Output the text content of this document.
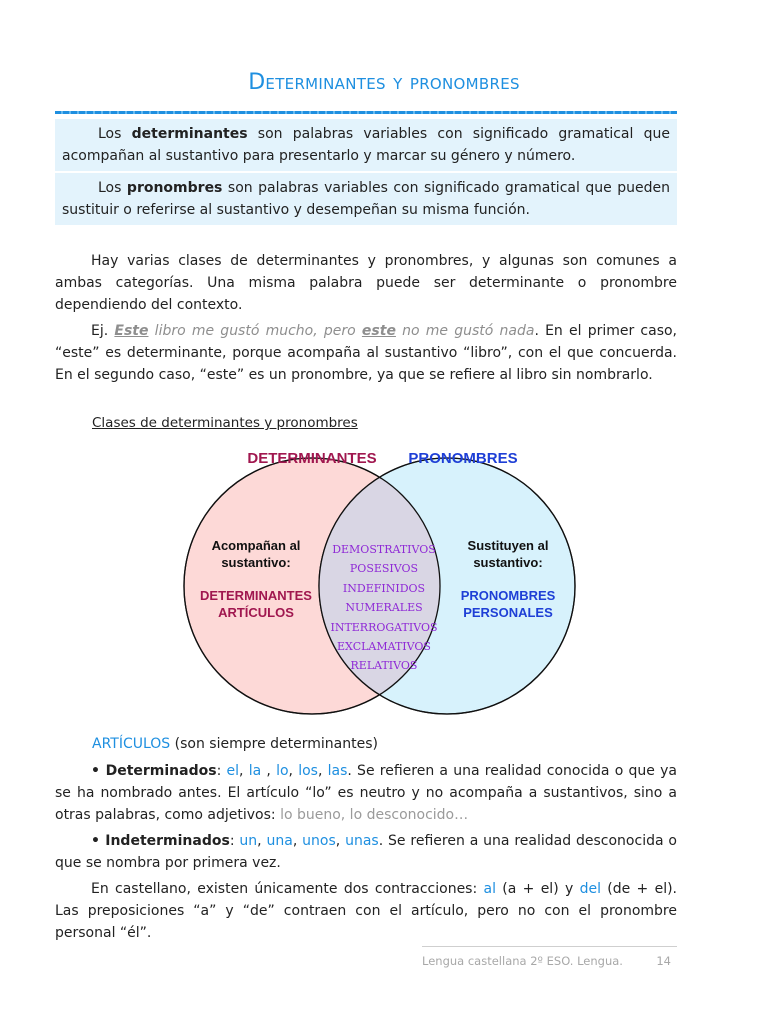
Determinantes y pronombres
Los determinantes son palabras variables con significado gramatical que acompañan al sustantivo para presentarlo y marcar su género y número.
Los pronombres son palabras variables con significado gramatical que pueden sustituir o referirse al sustantivo y desempeñan su misma función.
Hay varias clases de determinantes y pronombres, y algunas son comunes a ambas categorías. Una misma palabra puede ser determinante o pronombre dependiendo del contexto.
Ej. Este libro me gustó mucho, pero este no me gustó nada. En el primer caso, “este” es determinante, porque acompaña al sustantivo “libro”, con el que concuerda. En el segundo caso, “este” es un pronombre, ya que se refiere al libro sin nombrarlo.
Clases de determinantes y pronombres
DETERMINANTES PRONOMBRES
Acompañan al
sustantivo:
DETERMINANTES
ARTÍCULOS
Sustituyen al
sustantivo:
PRONOMBRES
PERSONALES
DEMOSTRATIVOS
POSESIVOS
INDEFINIDOS
NUMERALES
INTERROGATIVOS
EXCLAMATIVOS
RELATIVOS
ARTÍCULOS (son siempre determinantes)
• Determinados: el, la , lo, los, las. Se refieren a una realidad conocida o que ya se ha nombrado antes. El artículo “lo” es neutro y no acompaña a sustantivos, sino a otras palabras, como adjetivos: lo bueno, lo desconocido…
• Indeterminados: un, una, unos, unas. Se refieren a una realidad desconocida o que se nombra por primera vez.
En castellano, existen únicamente dos contracciones: al (a + el) y del (de + el). Las preposiciones “a” y “de” contraen con el artículo, pero no con el pronombre personal “él”.
Lengua castellana 2º ESO. Lengua.	14
